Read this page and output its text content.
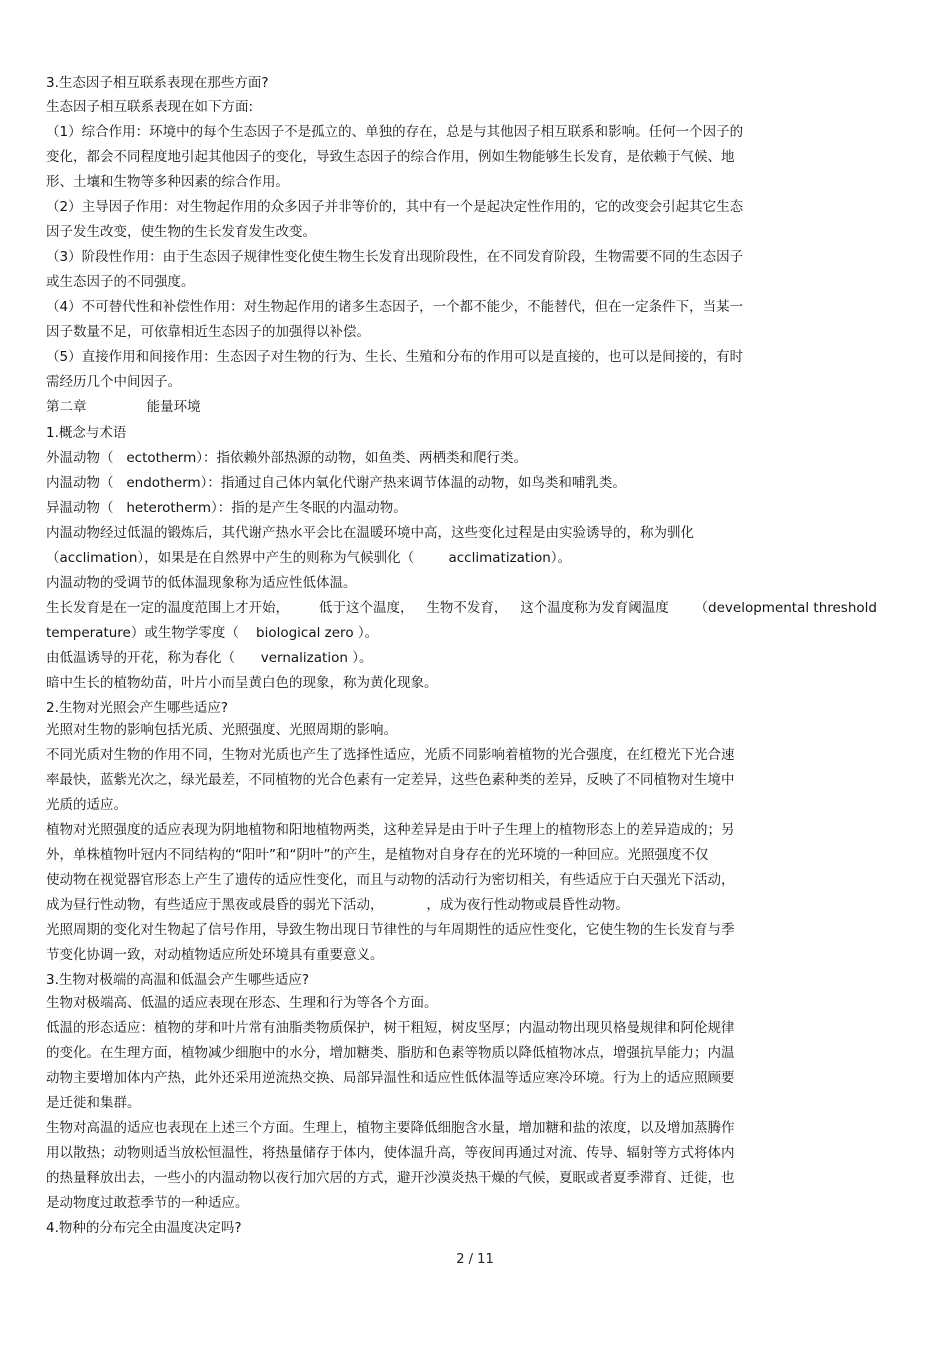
3.生态因子相互联系表现在那些方面?
生态因子相互联系表现在如下方面:
（1）综合作用：环境中的每个生态因子不是孤立的、单独的存在，总是与其他因子相互联系和影响。任何一个因子的
变化，都会不同程度地引起其他因子的变化，导致生态因子的综合作用，例如生物能够生长发育，是依赖于气候、地
形、土壤和生物等多种因素的综合作用。
（2）主导因子作用：对生物起作用的众多因子并非等价的，其中有一个是起决定性作用的，它的改变会引起其它生态
因子发生改变，使生物的生长发育发生改变。
（3）阶段性作用：由于生态因子规律性变化使生物生长发育出现阶段性，在不同发育阶段，生物需要不同的生态因子
或生态因子的不同强度。
（4）不可替代性和补偿性作用：对生物起作用的诸多生态因子，一个都不能少，不能替代，但在一定条件下，当某一
因子数量不足，可依靠相近生态因子的加强得以补偿。
（5）直接作用和间接作用：生态因子对生物的行为、生长、生殖和分布的作用可以是直接的，也可以是间接的，有时
需经历几个中间因子。
第二章              能量环境
1.概念与术语
外温动物（   ectotherm）：指依赖外部热源的动物，如鱼类、两栖类和爬行类。
内温动物（   endotherm）：指通过自己体内氧化代谢产热来调节体温的动物，如鸟类和哺乳类。
异温动物（   heterotherm）：指的是产生冬眠的内温动物。
内温动物经过低温的锻炼后，其代谢产热水平会比在温暖环境中高，这些变化过程是由实验诱导的，称为驯化
（acclimation），如果是在自然界中产生的则称为气候驯化（        acclimatization）。
内温动物的受调节的低体温现象称为适应性低体温。
生长发育是在一定的温度范围上才开始，       低于这个温度，   生物不发育，   这个温度称为发育阈温度      （developmental threshold
temperature）或生物学零度（    biological zero ）。
由低温诱导的开花，称为春化（      vernalization ）。
暗中生长的植物幼苗，叶片小而呈黄白色的现象，称为黄化现象。
2.生物对光照会产生哪些适应?
光照对生物的影响包括光质、光照强度、光照周期的影响。
不同光质对生物的作用不同，生物对光质也产生了选择性适应，光质不同影响着植物的光合强度，在红橙光下光合速
率最快，蓝紫光次之，绿光最差，不同植物的光合色素有一定差异，这些色素种类的差异，反映了不同植物对生境中
光质的适应。
植物对光照强度的适应表现为阴地植物和阳地植物两类，这种差异是由于叶子生理上的植物形态上的差异造成的；另
外，单株植物叶冠内不同结构的“阳叶”和“阴叶”的产生，是植物对自身存在的光环境的一种回应。光照强度不仅
使动物在视觉器官形态上产生了遗传的适应性变化，而且与动物的活动行为密切相关，有些适应于白天强光下活动，
成为昼行性动物，有些适应于黑夜或晨昏的弱光下活动，          ，成为夜行性动物或晨昏性动物。
光照周期的变化对生物起了信号作用，导致生物出现日节律性的与年周期性的适应性变化，它使生物的生长发育与季
节变化协调一致，对动植物适应所处环境具有重要意义。
3.生物对极端的高温和低温会产生哪些适应?
生物对极端高、低温的适应表现在形态、生理和行为等各个方面。
低温的形态适应：植物的芽和叶片常有油脂类物质保护，树干粗短，树皮坚厚；内温动物出现贝格曼规律和阿伦规律
的变化。在生理方面，植物减少细胞中的水分，增加糖类、脂肪和色素等物质以降低植物冰点，增强抗旱能力；内温
动物主要增加体内产热，此外还采用逆流热交换、局部异温性和适应性低体温等适应寒冷环境。行为上的适应照顾要
是迁徙和集群。
生物对高温的适应也表现在上述三个方面。生理上，植物主要降低细胞含水量，增加糖和盐的浓度，以及增加蒸腾作
用以散热；动物则适当放松恒温性，将热量储存于体内，使体温升高，等夜间再通过对流、传导、辐射等方式将体内
的热量释放出去，一些小的内温动物以夜行加穴居的方式，避开沙漠炎热干燥的气候，夏眠或者夏季滞育、迁徙，也
是动物度过敢惹季节的一种适应。
4.物种的分布完全由温度决定吗?
2 / 11
